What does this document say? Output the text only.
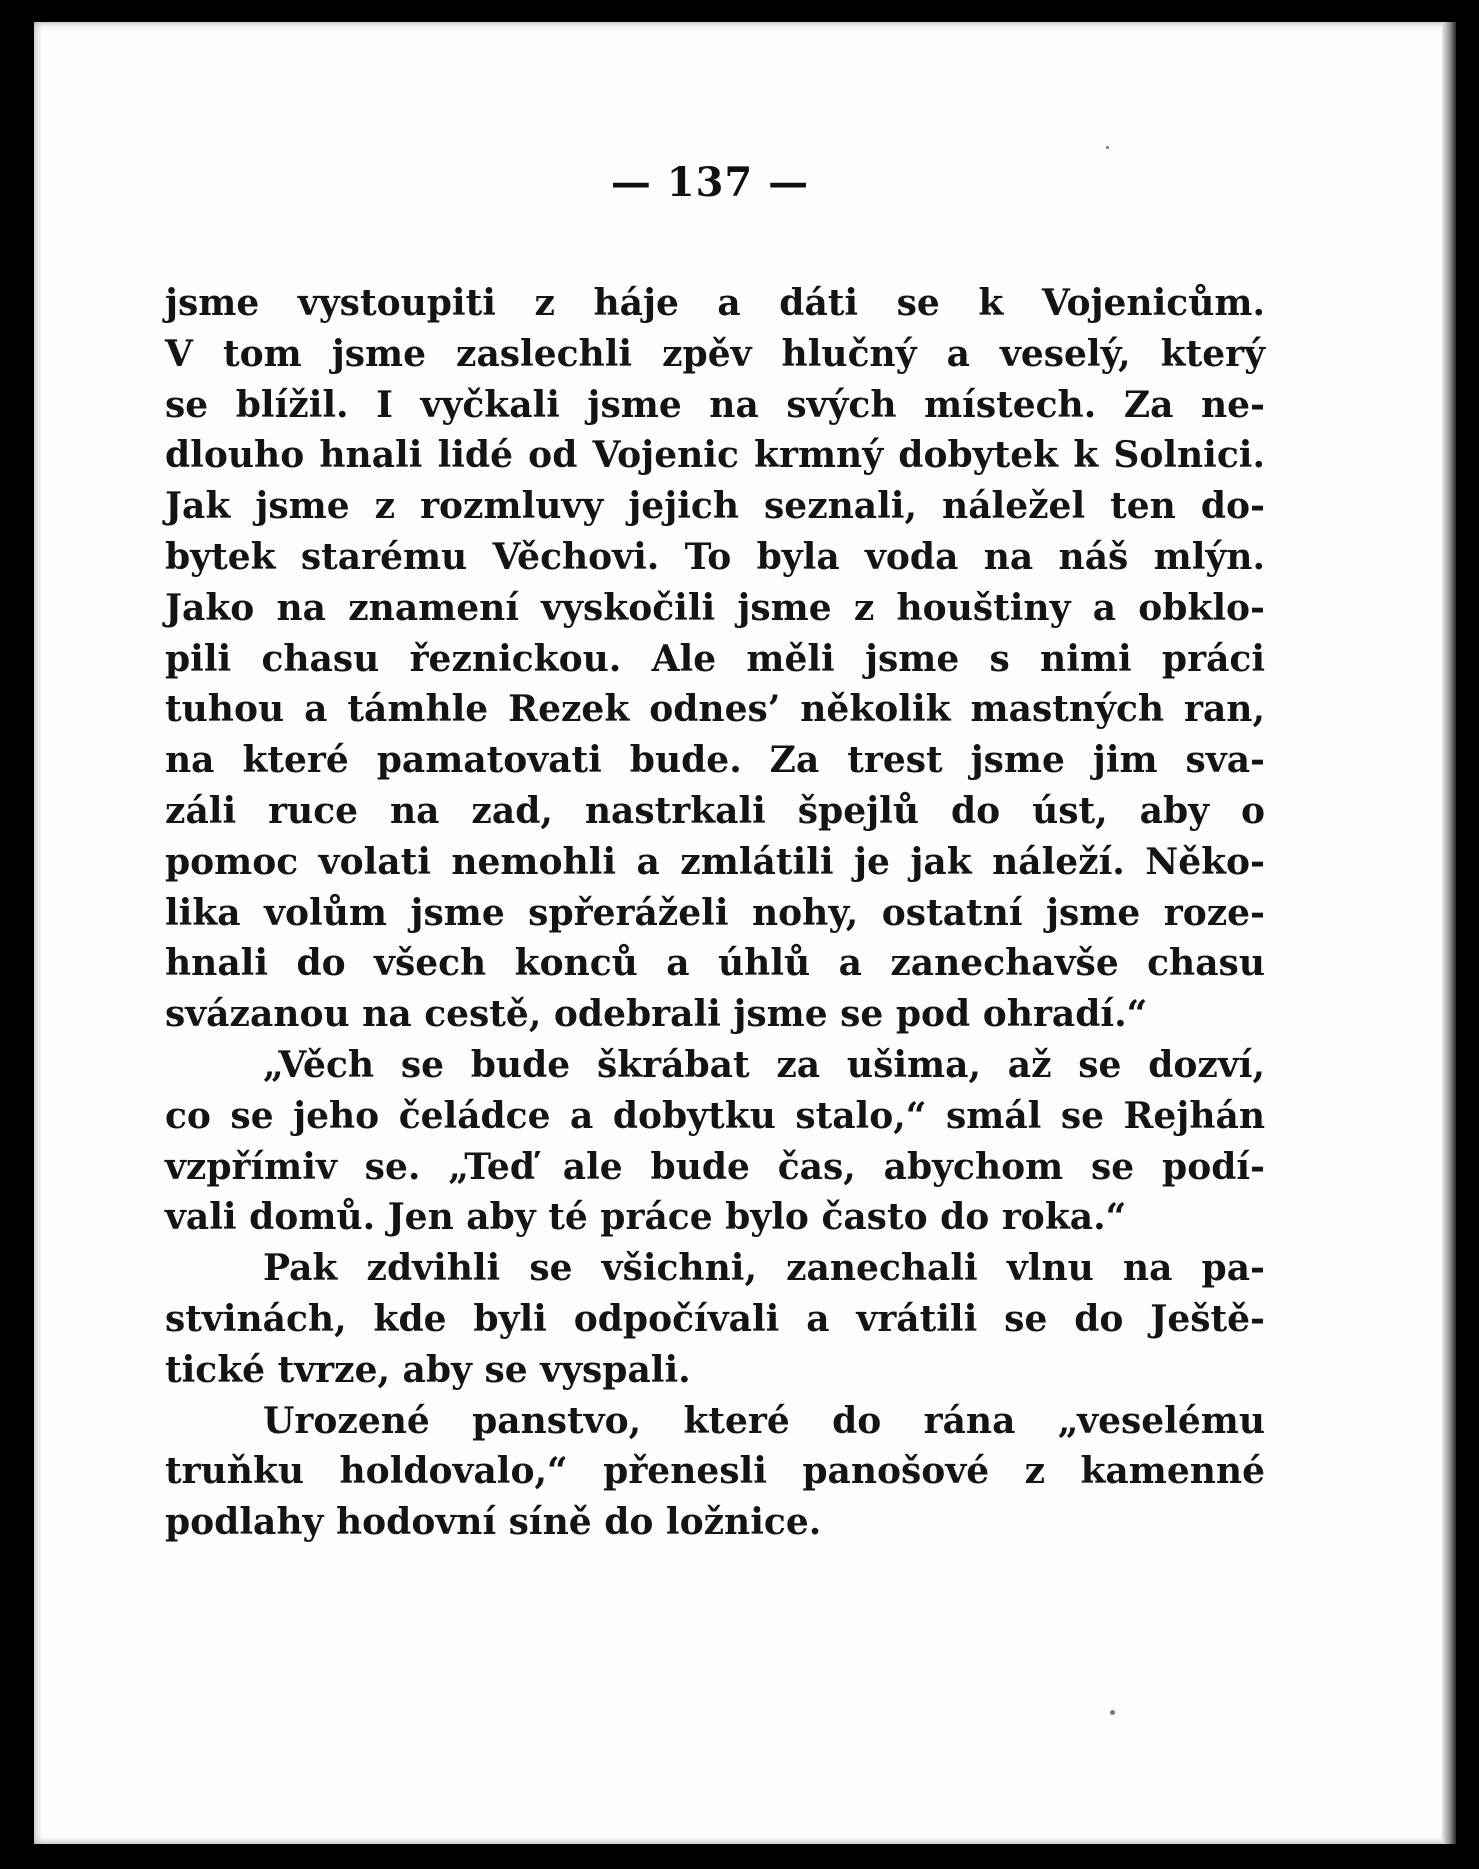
— 137 —
jsme vystoupiti z háje a dáti se k Vojenicům.
V tom jsme zaslechli zpěv hlučný a veselý, který
se blížil. I vyčkali jsme na svých místech. Za ne-
dlouho hnali lidé od Vojenic krmný dobytek k Solnici.
Jak jsme z rozmluvy jejich seznali, náležel ten do-
bytek starému Věchovi. To byla voda na náš mlýn.
Jako na znamení vyskočili jsme z houštiny a obklo-
pili chasu řeznickou. Ale měli jsme s nimi práci
tuhou a támhle Rezek odnes’ několik mastných ran,
na které pamatovati bude. Za trest jsme jim sva-
záli ruce na zad, nastrkali špejlů do úst, aby o
pomoc volati nemohli a zmlátili je jak náleží. Něko-
lika volům jsme spřeráželi nohy, ostatní jsme roze-
hnali do všech konců a úhlů a zanechavše chasu
svázanou na cestě, odebrali jsme se pod ohradí.“
„Věch se bude škrábat za ušima, až se dozví,
co se jeho čeládce a dobytku stalo,“ smál se Rejhán
vzpřímiv se. „Teď ale bude čas, abychom se podí-
vali domů. Jen aby té práce bylo často do roka.“
Pak zdvihli se všichni, zanechali vlnu na pa-
stvinách, kde byli odpočívali a vrátili se do Ještě-
tické tvrze, aby se vyspali.
Urozené panstvo, které do rána „veselému
truňku holdovalo,“ přenesli panošové z kamenné
podlahy hodovní síně do ložnice.
